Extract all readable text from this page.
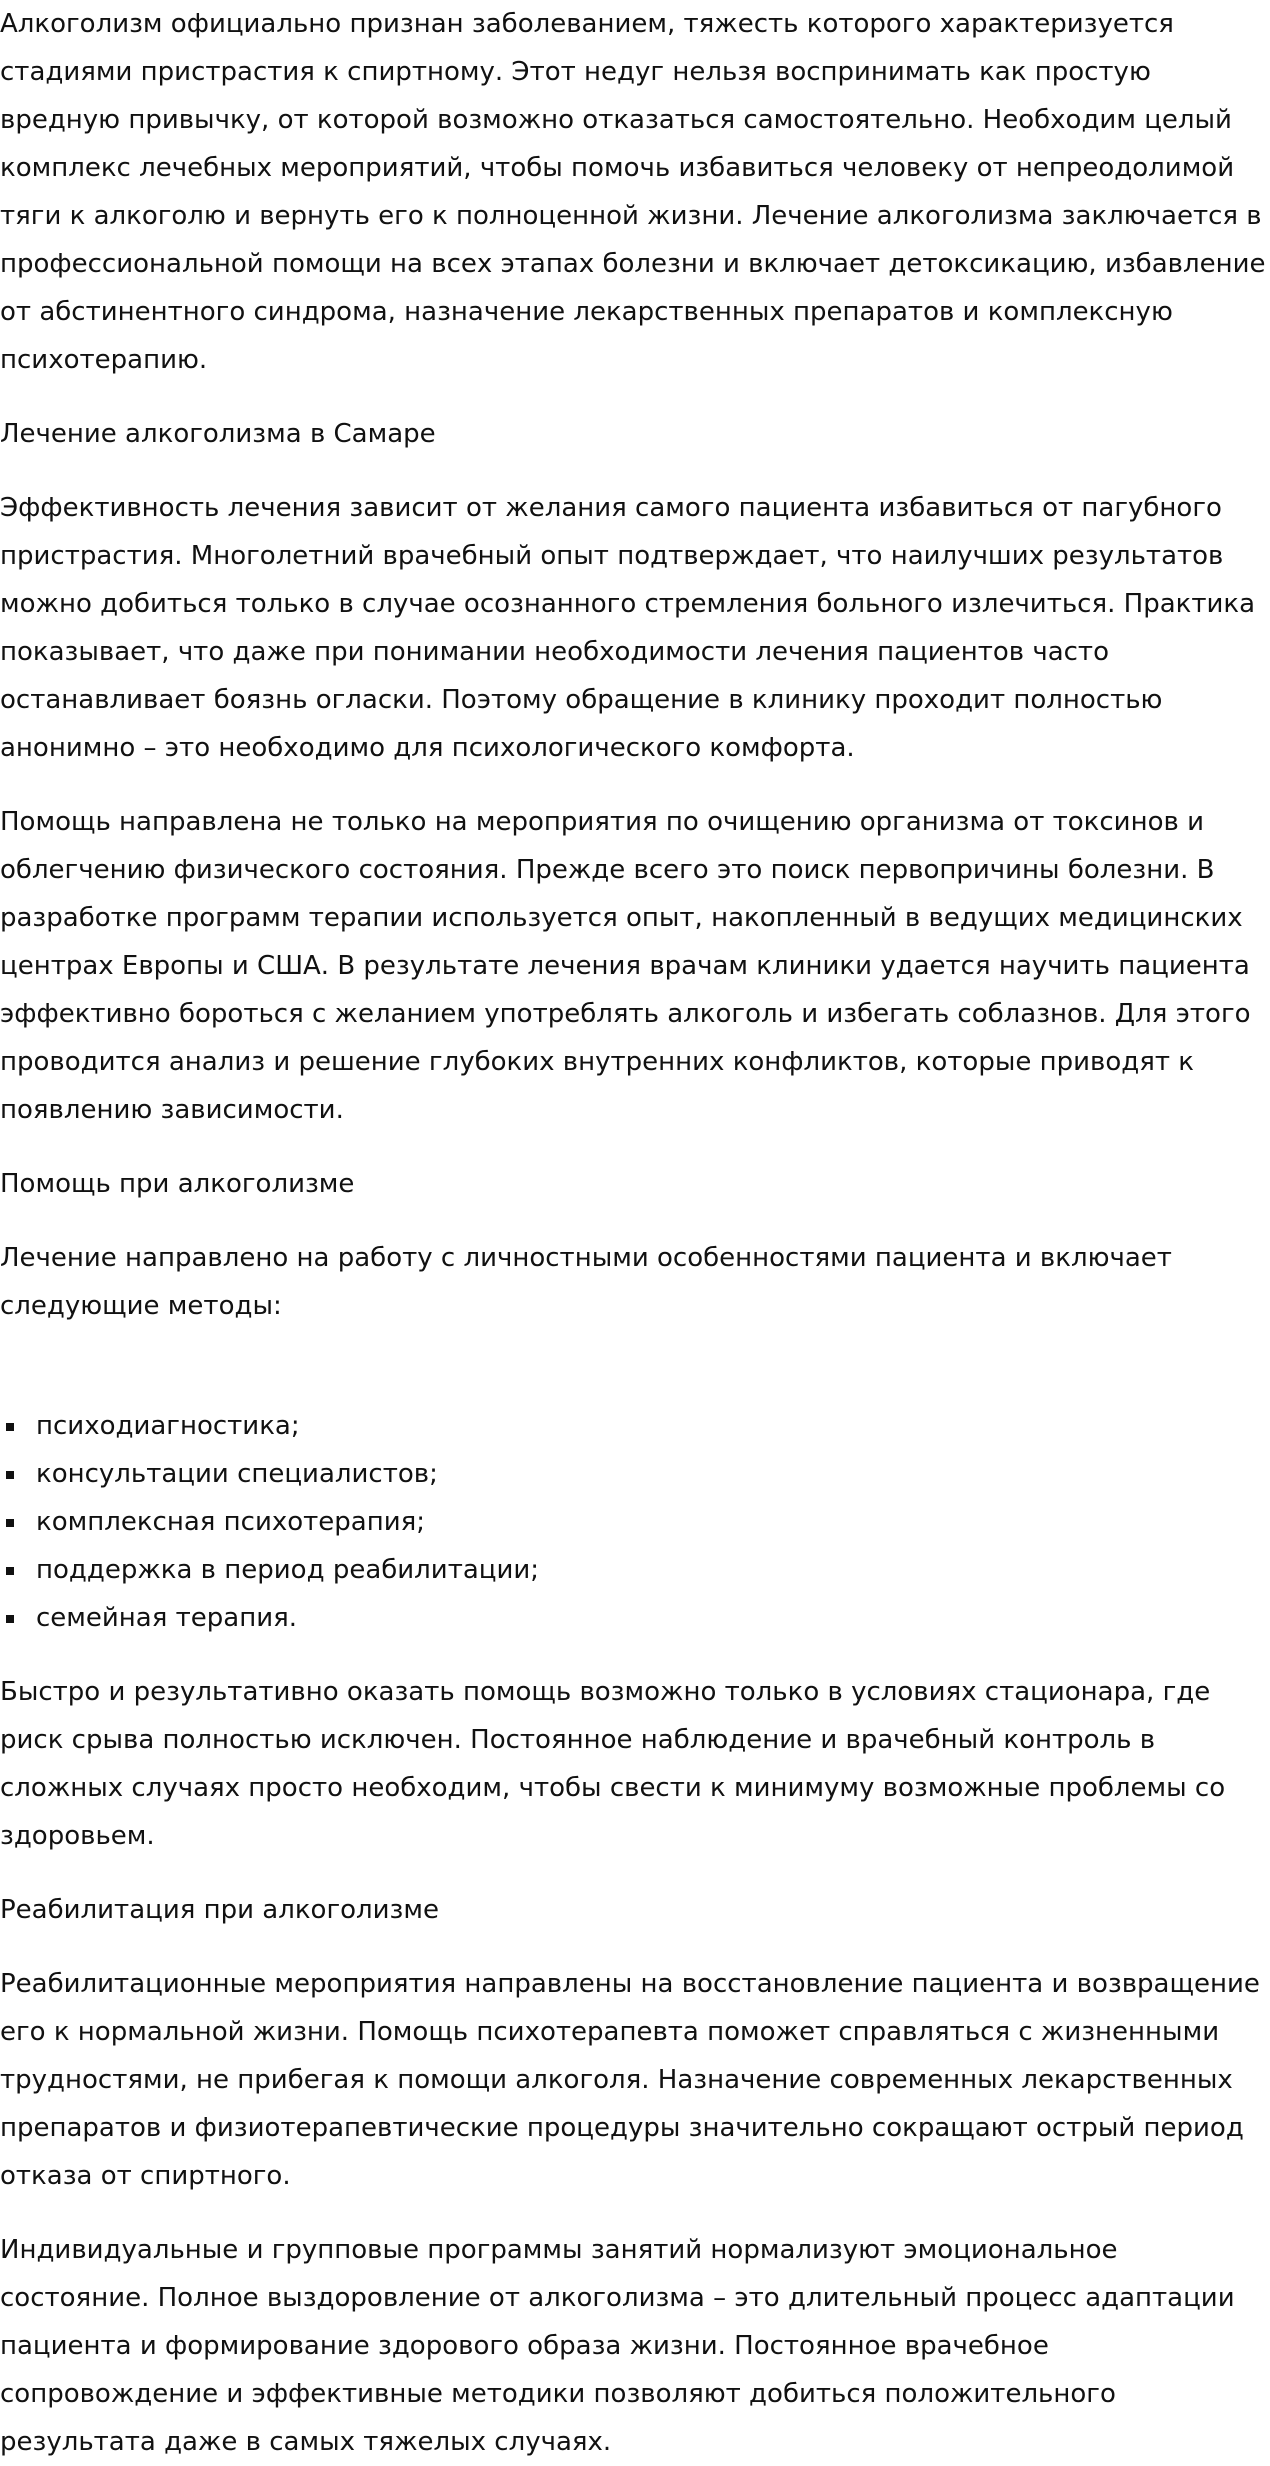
Алкоголизм официально признан заболеванием, тяжесть которого характеризуется стадиями пристрастия к спиртному. Этот недуг нельзя воспринимать как простую вредную привычку, от которой возможно отказаться самостоятельно. Необходим целый комплекс лечебных мероприятий, чтобы помочь избавиться человеку от непреодолимой тяги к алкоголю и вернуть его к полноценной жизни. Лечение алкоголизма заключается в профессиональной помощи на всех этапах болезни и включает детоксикацию, избавление от абстинентного синдрома, назначение лекарственных препаратов и комплексную психотерапию.

Лечение алкоголизма в Самаре

Эффективность лечения зависит от желания самого пациента избавиться от пагубного пристрастия. Многолетний врачебный опыт подтверждает, что наилучших результатов можно добиться только в случае осознанного стремления больного излечиться. Практика показывает, что даже при понимании необходимости лечения пациентов часто останавливает боязнь огласки. Поэтому обращение в клинику проходит полностью анонимно – это необходимо для психологического комфорта.

Помощь направлена не только на мероприятия по очищению организма от токсинов и облегчению физического состояния. Прежде всего это поиск первопричины болезни. В разработке программ терапии используется опыт, накопленный в ведущих медицинских центрах Европы и США. В результате лечения врачам клиники удается научить пациента эффективно бороться с желанием употреблять алкоголь и избегать соблазнов. Для этого проводится анализ и решение глубоких внутренних конфликтов, которые приводят к появлению зависимости.

Помощь при алкоголизме

Лечение направлено на работу с личностными особенностями пациента и включает следующие методы:

психодиагностика;
консультации специалистов;
комплексная психотерапия;
поддержка в период реабилитации;
семейная терапия.

Быстро и результативно оказать помощь возможно только в условиях стационара, где риск срыва полностью исключен. Постоянное наблюдение и врачебный контроль в сложных случаях просто необходим, чтобы свести к минимуму возможные проблемы со здоровьем.

Реабилитация при алкоголизме

Реабилитационные мероприятия направлены на восстановление пациента и возвращение его к нормальной жизни. Помощь психотерапевта поможет справляться с жизненными трудностями, не прибегая к помощи алкоголя. Назначение современных лекарственных препаратов и физиотерапевтические процедуры значительно сокращают острый период отказа от спиртного.

Индивидуальные и групповые программы занятий нормализуют эмоциональное состояние. Полное выздоровление от алкоголизма – это длительный процесс адаптации пациента и формирование здорового образа жизни. Постоянное врачебное сопровождение и эффективные методики позволяют добиться положительного результата даже в самых тяжелых случаях.
